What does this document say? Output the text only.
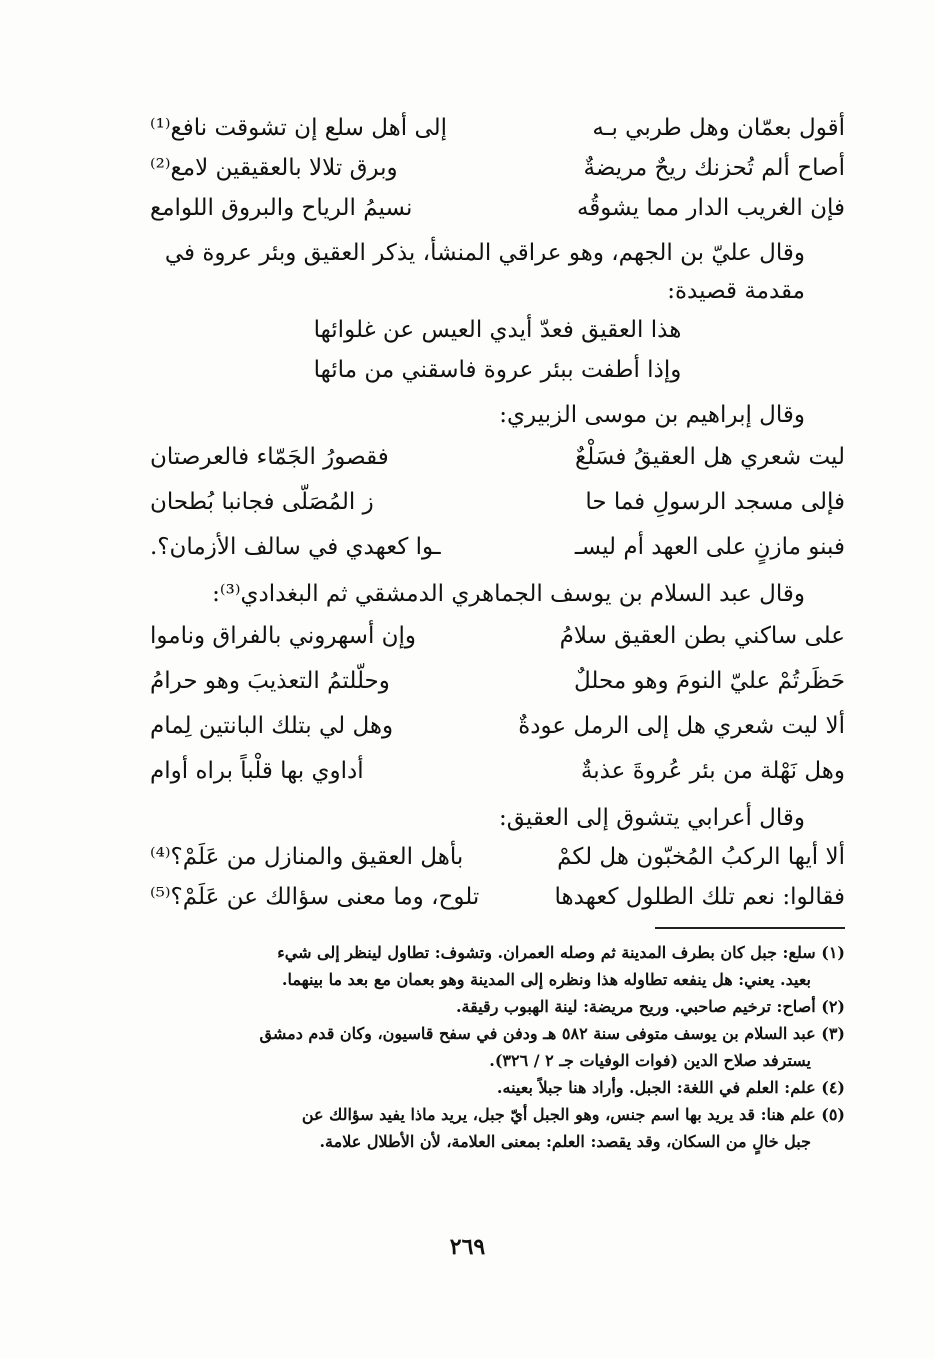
أقول بعمّان وهل طربي بـه
إلى أهل سلع إن تشوقت نافع⁽¹⁾
أصاح ألم تُحزنك ريحٌ مريضةٌ
وبرق تلالا بالعقيقين لامع⁽²⁾
فإن الغريب الدار مما يشوقُه
نسيمُ الرياح والبروق اللوامع
وقال عليّ بن الجهم، وهو عراقي المنشأ، يذكر العقيق وبئر عروة في مقدمة قصيدة:
هذا العقيق فعدّ أيدي العيس عن غلوائها
وإذا أطفت ببئر عروة فاسقني من مائها
وقال إبراهيم بن موسى الزبيري:
ليت شعري هل العقيقُ فسَلْعٌ
فقصورُ الجَمّاء فالعرصتان
فإلى مسجد الرسولِ فما حا
ز المُصَلّى فجانبا بُطحان
فبنو مازنٍ على العهد أم ليسـ
ـوا كعهدي في سالف الأزمان؟.
وقال عبد السلام بن يوسف الجماهري الدمشقي ثم البغدادي⁽³⁾:
على ساكني بطن العقيق سلامُ
وإن أسهروني بالفراق وناموا
حَظَرتُمْ عليّ النومَ وهو محللٌ
وحلّلتمُ التعذيبَ وهو حرامُ
ألا ليت شعري هل إلى الرمل عودةٌ
وهل لي بتلك البانتين لِمام
وهل نَهْلة من بئر عُروةَ عذبةٌ
أداوي بها قلْباً براه أوام
وقال أعرابي يتشوق إلى العقيق:
ألا أيها الركبُ المُخبّون هل لكمْ
بأهل العقيق والمنازل من عَلَمْ؟⁽⁴⁾
فقالوا: نعم تلك الطلول كعهدها
تلوح، وما معنى سؤالك عن عَلَمْ؟⁽⁵⁾
(١) سلع: جبل كان بطرف المدينة ثم وصله العمران. وتشوف: تطاول لينظر إلى شيء
بعيد. يعني: هل ينفعه تطاوله هذا ونظره إلى المدينة وهو بعمان مع بعد ما بينهما.
(٢) أصاح: ترخيم صاحبي. وريح مريضة: لينة الهبوب رقيقة.
(٣) عبد السلام بن يوسف متوفى سنة ٥٨٢ هـ ودفن في سفح قاسيون، وكان قدم دمشق
يسترفد صلاح الدين (فوات الوفيات جـ ٢ / ٣٢٦).
(٤) علم: العلم في اللغة: الجبل. وأراد هنا جبلاً بعينه.
(٥) علم هنا: قد يريد بها اسم جنس، وهو الجبل أيّ جبل، يريد ماذا يفيد سؤالك عن
جبل خالٍ من السكان، وقد يقصد: العلم: بمعنى العلامة، لأن الأطلال علامة.
٢٦٩
